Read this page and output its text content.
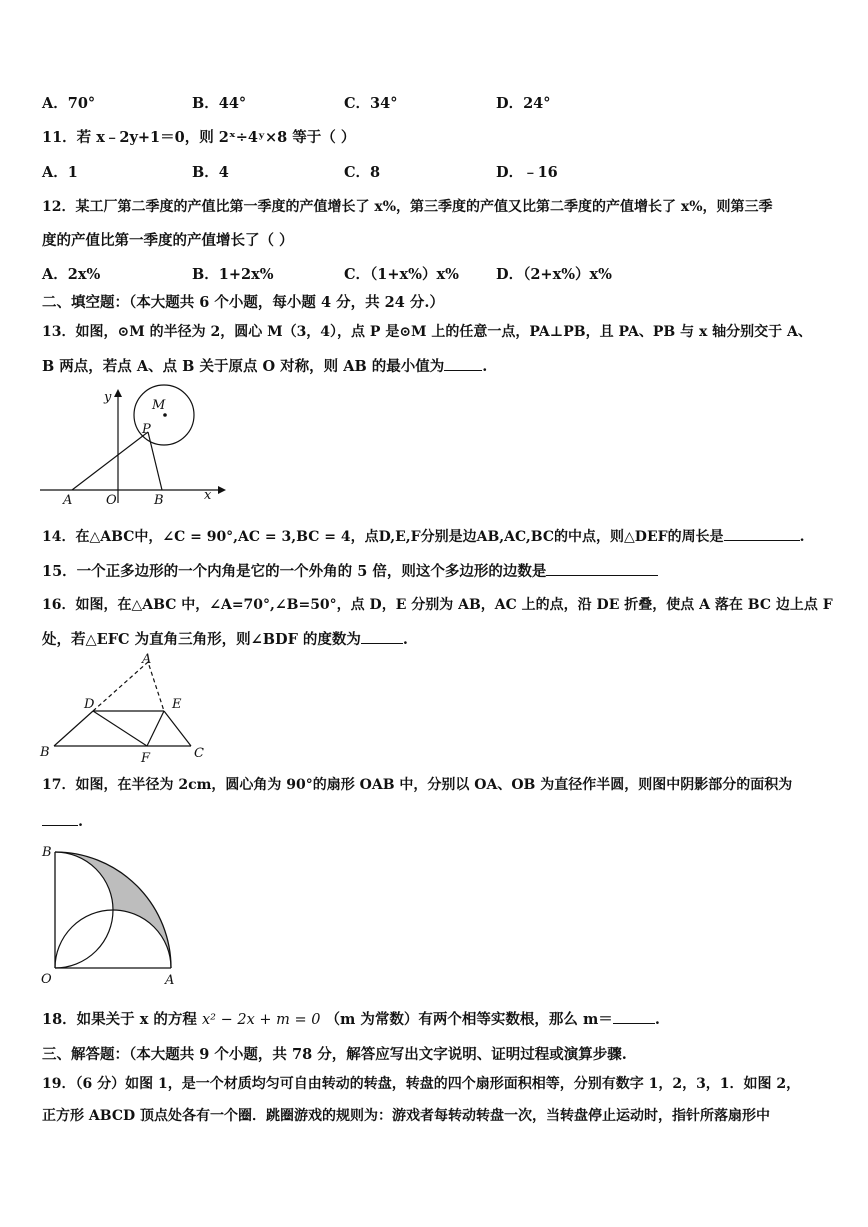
A．70°	B．44°	C．34°	D．24°
11．若 x﹣2y+1＝0，则 2ˣ÷4ʸ×8 等于（ ）
A．1	B．4	C．8	D．﹣16
12．某工厂第二季度的产值比第一季度的产值增长了 x%，第三季度的产值又比第二季度的产值增长了 x%，则第三季
度的产值比第一季度的产值增长了（ ）
A．2x%	B．1+2x%	C．（1+x%）x%	D．（2+x%）x%
二、填空题：（本大题共 6 个小题，每小题 4 分，共 24 分.）
13．如图，⊙M 的半径为 2，圆心 M（3，4），点 P 是⊙M 上的任意一点，PA⊥PB，且 PA、PB 与 x 轴分别交于 A、
B 两点，若点 A、点 B 关于原点 O 对称，则 AB 的最小值为	.
y
M
P
A	O	B	x
14．在△ABC中，∠C = 90°,AC = 3,BC = 4，点D,E,F分别是边AB,AC,BC的中点，则△DEF的周长是	.
15．一个正多边形的一个内角是它的一个外角的 5 倍，则这个多边形的边数是
16．如图，在△ABC 中，∠A=70°,∠B=50°，点 D，E 分别为 AB，AC 上的点，沿 DE 折叠，使点 A 落在 BC 边上点 F
处，若△EFC 为直角三角形，则∠BDF 的度数为	.
A
D	E
B	F	C
17．如图，在半径为 2cm，圆心角为 90°的扇形 OAB 中，分别以 OA、OB 为直径作半圆，则图中阴影部分的面积为
.
B
O	A
18．如果关于 x 的方程 x² − 2x + m = 0 （m 为常数）有两个相等实数根，那么 m＝	.
三、解答题：（本大题共 9 个小题，共 78 分，解答应写出文字说明、证明过程或演算步骤.
19．（6 分）如图 1，是一个材质均匀可自由转动的转盘，转盘的四个扇形面积相等，分别有数字 1，2，3，1．如图 2，
正方形 ABCD 顶点处各有一个圈．跳圈游戏的规则为：游戏者每转动转盘一次，当转盘停止运动时，指针所落扇形中
